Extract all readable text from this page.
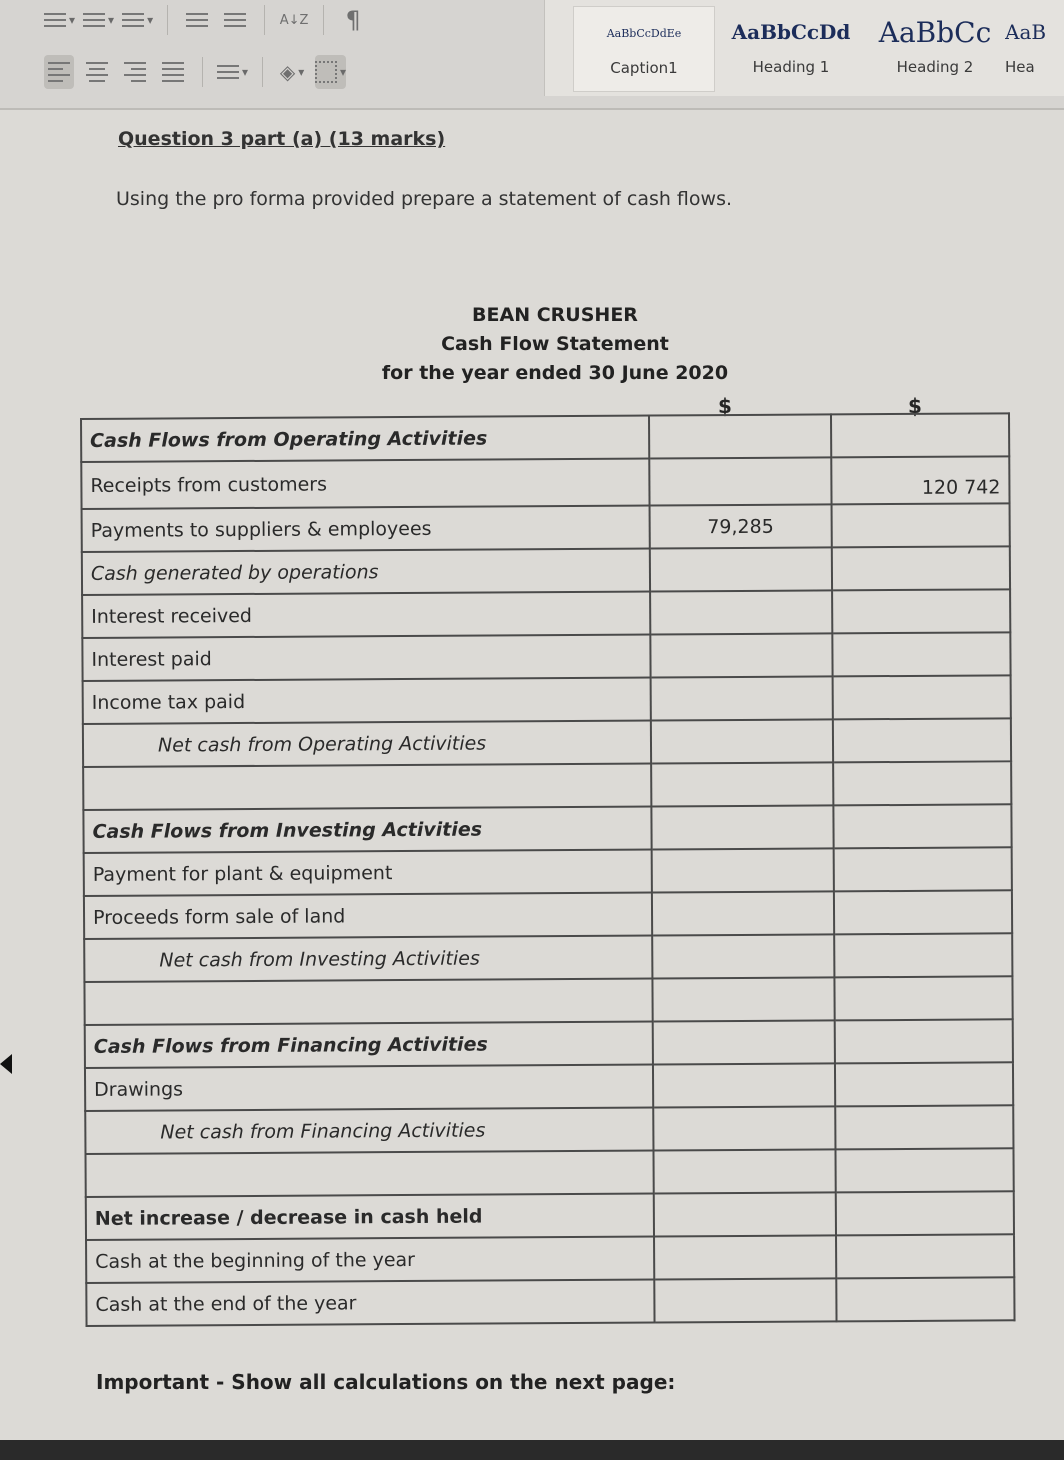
▾	▾	▾	A↓Z ¶
▾ ◈ ▾	▾
AaBbCcDdEe
Caption1
AaBbCcDd
Heading 1
AaBbCc
Heading 2
AaB
Hea
Question 3 part (a) (13 marks)
Using the pro forma provided prepare a statement of cash flows.
BEAN CRUSHER
Cash Flow Statement
for the year ended 30 June 2020
$	$
Cash Flows from Operating Activities		
Receipts from customers		120 742
Payments to suppliers & employees	79,285	
Cash generated by operations		
Interest received		
Interest paid		
Income tax paid		
Net cash from Operating Activities		

Cash Flows from Investing Activities		
Payment for plant & equipment		
Proceeds form sale of land		
Net cash from Investing Activities		

Cash Flows from Financing Activities		
Drawings		
Net cash from Financing Activities		

Net increase / decrease in cash held		
Cash at the beginning of the year		
Cash at the end of the year		
Important - Show all calculations on the next page:
